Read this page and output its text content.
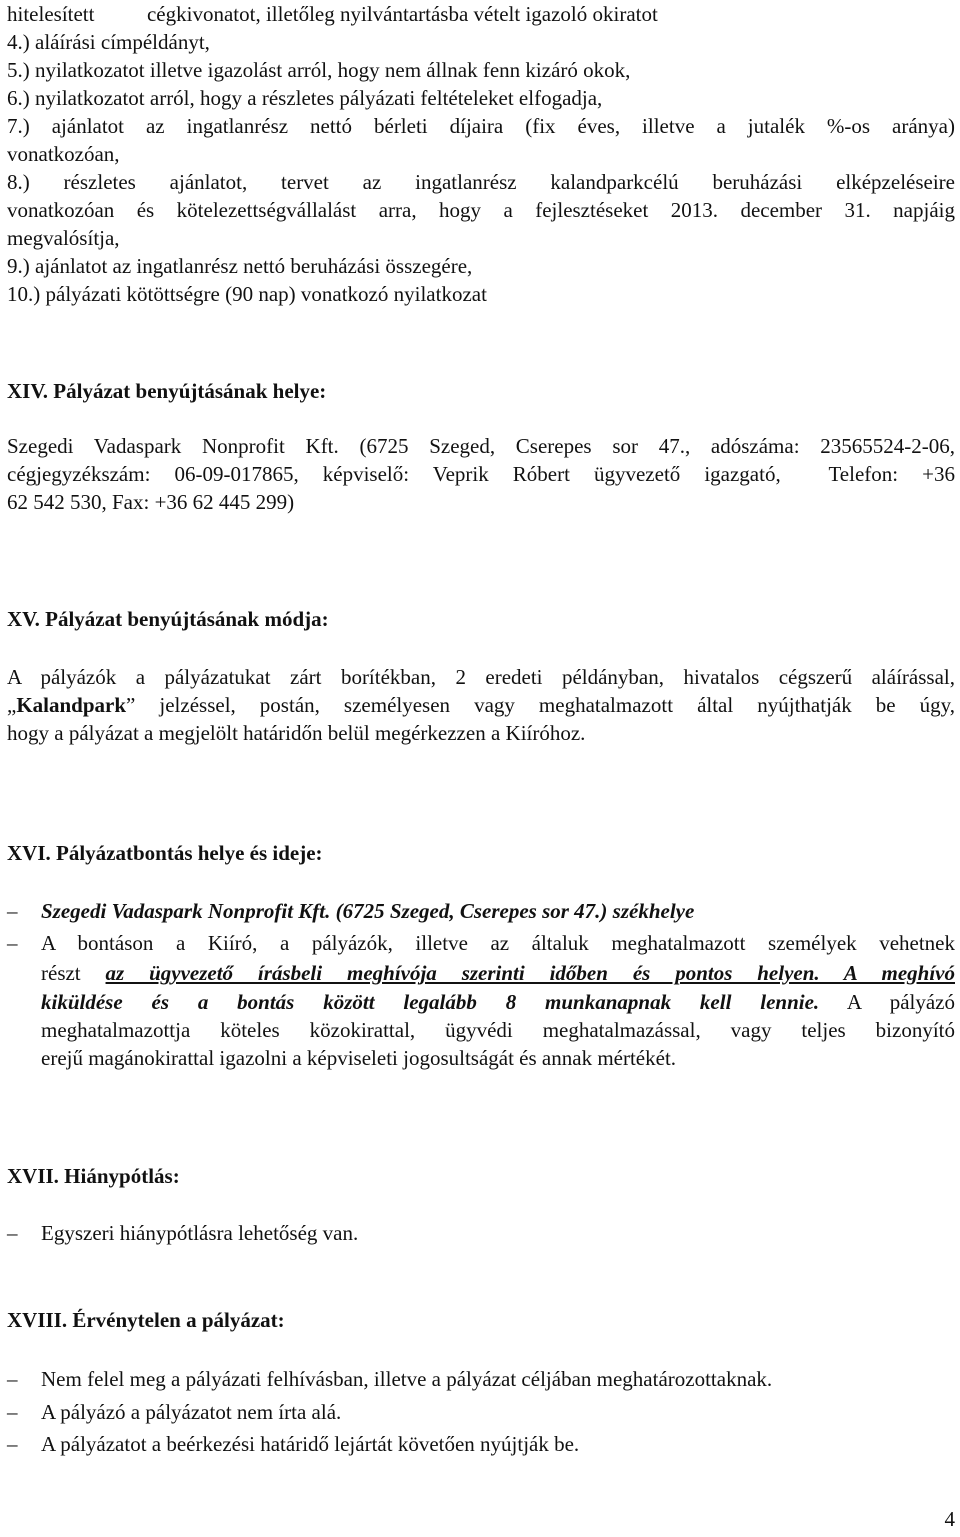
hitelesített          cégkivonatot, illetőleg nyilvántartásba vételt igazoló okiratot

4.) aláírási címpéldányt,

5.) nyilatkozatot illetve igazolást arról, hogy nem állnak fenn kizáró okok,

6.) nyilatkozatot arról, hogy a részletes pályázati feltételeket elfogadja,

7.) ajánlatot az ingatlanrész nettó bérleti díjaira (fix éves, illetve a jutalék %-os aránya)

vonatkozóan,

8.) részletes ajánlatot, tervet az ingatlanrész kalandparkcélú beruházási elképzeléseire

vonatkozóan és kötelezettségvállalást arra, hogy a fejlesztéseket 2013. december 31. napjáig

megvalósítja,

9.) ajánlatot az ingatlanrész nettó beruházási összegére,

10.) pályázati kötöttségre (90 nap) vonatkozó nyilatkozat

XIV. Pályázat benyújtásának helye:

Szegedi Vadaspark Nonprofit Kft. (6725 Szeged, Cserepes sor 47., adószáma: 23565524-2-06,

cégjegyzékszám: 06-09-017865, képviselő: Veprik Róbert ügyvezető igazgató,  Telefon: +36

62 542 530, Fax: +36 62 445 299)

XV. Pályázat benyújtásának módja:

A pályázók a pályázatukat zárt borítékban, 2 eredeti példányban, hivatalos cégszerű aláírással,

„Kalandpark” jelzéssel, postán, személyesen vagy meghatalmazott által nyújthatják be úgy,

hogy a pályázat a megjelölt határidőn belül megérkezzen a Kiíróhoz.

XVI. Pályázatbontás helye és ideje:

–	Szegedi Vadaspark Nonprofit Kft. (6725 Szeged, Cserepes sor 47.) székhelye

–	A bontáson a Kiíró, a pályázók, illetve az általuk meghatalmazott személyek vehetnek

részt az ügyvezető írásbeli meghívója szerinti időben és pontos helyen. A meghívó

kiküldése és a bontás között legalább 8 munkanapnak kell lennie. A pályázó

meghatalmazottja köteles közokirattal, ügyvédi meghatalmazással, vagy teljes bizonyító

erejű magánokirattal igazolni a képviseleti jogosultságát és annak mértékét.

XVII. Hiánypótlás:

–	Egyszeri hiánypótlásra lehetőség van.

XVIII. Érvénytelen a pályázat:

–	Nem felel meg a pályázati felhívásban, illetve a pályázat céljában meghatározottaknak.

–	A pályázó a pályázatot nem írta alá.

–	A pályázatot a beérkezési határidő lejártát követően nyújtják be.

4
